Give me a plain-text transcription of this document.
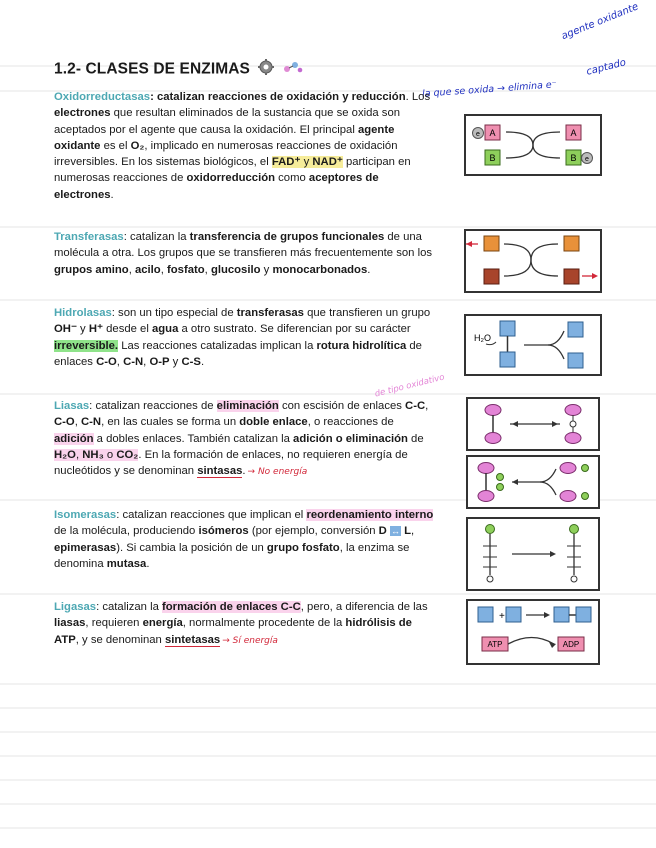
1.2- CLASES DE ENZIMAS
agente oxidante
captado
la que se oxida → elimina e⁻
Oxidorreductasas: catalizan reacciones de oxidación y reducción. Los electrones que resultan eliminados de la sustancia que se oxida son aceptados por el agente que causa la oxidación. El principal agente oxidante es el O₂, implicado en numerosas reacciones de oxidación irreversibles. En los sistemas biológicos, el FAD⁺ y NAD⁺ participan en numerosas reacciones de oxidorreducción como aceptores de electrones.
Transferasas: catalizan la transferencia de grupos funcionales de una molécula a otra. Los grupos que se transfieren más frecuentemente son los grupos amino, acilo, fosfato, glucosilo y monocarbonados.
Hidrolasas: son un tipo especial de transferasas que transfieren un grupo OH⁻ y H⁺ desde el agua a otro sustrato. Se diferencian por su carácter irreversible. Las reacciones catalizadas implican la rotura hidrolítica de enlaces C-O, C-N, O-P y C-S.
de tipo oxidativo
Liasas: catalizan reacciones de eliminación con escisión de enlaces C-C, C-O, C-N, en las cuales se forma un doble enlace, o reacciones de adición a dobles enlaces. También catalizan la adición o eliminación de H₂O, NH₃ o CO₂. En la formación de enlaces, no requieren energía de nucleótidos y se denominan sintasas. → No energía
Isomerasas: catalizan reacciones que implican el reordenamiento interno de la molécula, produciendo isómeros (por ejemplo, conversión D ↔ L, epimerasas). Si cambia la posición de un grupo fosfato, la enzima se denomina mutasa.
Ligasas: catalizan la formación de enlaces C-C, pero, a diferencia de las liasas, requieren energía, normalmente procedente de la hidrólisis de ATP, y se denominan sintetasas → Sí energía
e A
B
A
B e
H₂O
+
ATP	ADP
